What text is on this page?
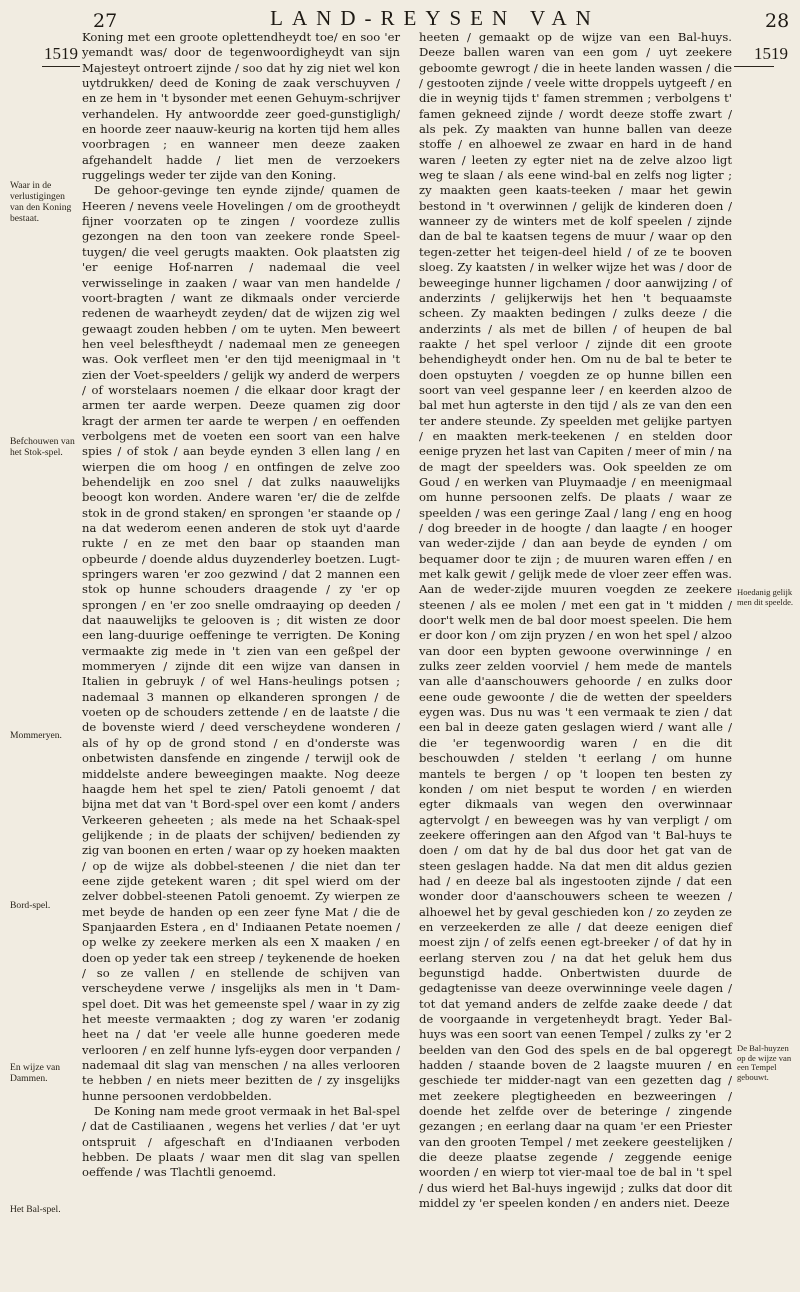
27	LAND-REYSEN VAN	28
1519	1519

Koning met een groote oplettendheydt toe/ en soo 'er yemandt was/ door de tegenwoordigheydt van sijn Majesteyt ontroert zijnde / soo dat hy zig niet wel kon uytdrukken/ deed de Koning de zaak verschuyven / en ze hem in 't bysonder met eenen Gehuym-schrijver verhandelen. Hy antwoordde zeer goed-gunstigligh/ en hoorde zeer naauw-keurig na korten tijd hem alles voorbragen ; en wanneer men deeze zaaken afgehandelt hadde / liet men de verzoekers ruggelings weder ter zijde van den Koning.

De gehoor-gevinge ten eynde zijnde/ quamen de Heeren / nevens veele Hovelingen / om de grootheydt fijner voorzaten op te zingen / voordeze zullis gezongen na den toon van zeekere ronde Speel-tuygen/ die veel gerugts maakten. Ook plaatsten zig 'er eenige Hof-narren / nademaal die veel verwisselinge in zaaken / waar van men handelde / voort-bragten / want ze dikmaals onder vercierde redenen de waarheydt zeyden/ dat de wijzen zig wel gewaagt zouden hebben / om te uyten. Men beweert hen veel belesftheydt / nademaal men ze geneegen was. Ook verfleet men 'er den tijd meenigmaal in 't zien der Voet-speelders / gelijk wy anderd de werpers / of worstelaars noemen / die elkaar door kragt der armen ter aarde werpen. Deeze quamen zig door kragt der armen ter aarde te werpen / en oeffenden verbolgens met de voeten een soort van een halve spies / of stok / aan beyde eynden 3 ellen lang / en wierpen die om hoog / en ontfingen de zelve zoo behendelijk en zoo snel / dat zulks naauwelijks beoogt kon worden. Andere waren 'er/ die de zelfde stok in de grond staken/ en sprongen 'er staande op / na dat wederom eenen anderen de stok uyt d'aarde rukte / en ze met den baar op staanden man opbeurde / doende aldus duyzenderley boetzen. Lugt-springers waren 'er zoo gezwind / dat 2 mannen een stok op hunne schouders draagende / zy 'er op sprongen / en 'er zoo snelle omdraaying op deeden / dat naauwelijks te gelooven is ; dit wisten ze door een lang-duurige oeffeninge te verrigten. De Koning vermaakte zig mede in 't zien van een geßpel der mommeryen / zijnde dit een wijze van dansen in Italien in gebruyk / of wel Hans-heulings potsen ; nademaal 3 mannen op elkanderen sprongen / de voeten op de schouders zettende / en de laatste / die de bovenste wierd / deed verscheydene wonderen / als of hy op de grond stond / en d'onderste was onbetwisten dansfende en zingende / terwijl ook de middelste andere beweegingen maakte. Nog deeze haagde hem het spel te zien/ Patoli genoemt / dat bijna met dat van 't Bord-spel over een komt / anders Verkeeren geheeten ; als mede na het Schaak-spel gelijkende ; in de plaats der schijven/ bedienden zy zig van boonen en erten / waar op zy hoeken maakten / op de wijze als dobbel-steenen / die niet dan ter eene zijde getekent waren ; dit spel wierd om der zelver dobbel-steenen Patoli genoemt. Zy wierpen ze met beyde de handen op een zeer fyne Mat / die de Spanjaarden Estera , en d' Indiaanen Petate noemen / op welke zy zeekere merken als een X maaken / en doen op yeder tak een streep / teykenende de hoeken / so ze vallen / en stellende de schijven van verscheydene verwe / insgelijks als men in 't Dam-spel doet. Dit was het gemeenste spel / waar in zy zig het meeste vermaakten ; dog zy waren 'er zodanig heet na / dat 'er veele alle hunne goederen mede verlooren / en zelf hunne lyfs-eygen door verpanden / nademaal dit slag van menschen / na alles verlooren te hebben / en niets meer bezitten de / zy insgelijks hunne persoonen verdobbelden.

De Koning nam mede groot vermaak in het Bal-spel / dat de Castiliaanen , wegens het verlies / dat 'er uyt ontspruit / afgeschaft en d'Indiaanen verboden hebben. De plaats / waar men dit slag van spellen oeffende / was Tlachtli genoemd.

heeten / gemaakt op de wijze van een Bal-huys. Deeze ballen waren van een gom / uyt zeekere geboomte gewrogt / die in heete landen wassen / die / gestooten zijnde / veele witte droppels uytgeeft / en die in weynig tijds t' famen stremmen ; verbolgens t' famen gekneed zijnde / wordt deeze stoffe zwart / als pek. Zy maakten van hunne ballen van deeze stoffe / en alhoewel ze zwaar en hard in de hand waren / leeten zy egter niet na de zelve alzoo ligt weg te slaan / als eene wind-bal en zelfs nog ligter ; zy maakten geen kaats-teeken / maar het gewin bestond in 't overwinnen / gelijk de kinderen doen / wanneer zy de winters met de kolf speelen / zijnde dan de bal te kaatsen tegens de muur / waar op den tegen-zetter het teigen-deel hield / of ze te booven sloeg. Zy kaatsten / in welker wijze het was / door de beweeginge hunner ligchamen / door aanwijzing / of anderzints / gelijkerwijs het hen 't bequaamste scheen. Zy maakten bedingen / zulks deeze / die anderzints / als met de billen / of heupen de bal raakte / het spel verloor / zijnde dit een groote behendigheydt onder hen. Om nu de bal te beter te doen opstuyten / voegden ze op hunne billen een soort van veel gespanne leer / en keerden alzoo de bal met hun agterste in den tijd / als ze van den een ter andere steunde. Zy speelden met gelijke partyen / en maakten merk-teekenen / en stelden door eenige pryzen het last van Capiten / meer of min / na de magt der speelders was. Ook speelden ze om Goud / en werken van Pluymaadje / en meenigmaal om hunne persoonen zelfs. De plaats / waar ze speelden / was een geringe Zaal / lang / eng en hoog / dog breeder in de hoogte / dan laagte / en hooger van weder-zijde / dan aan beyde de eynden / om bequamer door te zijn ; de muuren waren effen / en met kalk gewit / gelijk mede de vloer zeer effen was. Aan de weder-zijde muuren voegden ze zeekere steenen / als ee molen / met een gat in 't midden / door't welk men de bal door moest speelen. Die hem er door kon / om zijn pryzen / en won het spel / alzoo van door een bypten gewoone overwinninge / en zulks zeer zelden voorviel / hem mede de mantels van alle d'aanschouwers gehoorde / en zulks door eene oude gewoonte / die de wetten der speelders eygen was. Dus nu was 't een vermaak te zien / dat een bal in deeze gaten geslagen wierd / want alle / die 'er tegenwoordig waren / en die dit beschouwden / stelden 't eerlang / om hunne mantels te bergen / op 't loopen ten besten zy konden / om niet besput te worden / en wierden egter dikmaals van wegen den overwinnaar agtervolgt / en beweegen was hy van verpligt / om zeekere offeringen aan den Afgod van 't Bal-huys te doen / om dat hy de bal dus door het gat van de steen geslagen hadde. Na dat men dit aldus gezien had / en deeze bal als ingestooten zijnde / dat een wonder door d'aanschouwers scheen te weezen / alhoewel het by geval geschieden kon / zo zeyden ze en verzeekerden ze alle / dat deeze eenigen dief moest zijn / of zelfs eenen egt-breeker / of dat hy in eerlang sterven zou / na dat het geluk hem dus begunstigd hadde. Onbertwisten duurde de gedagtenisse van deeze overwinninge veele dagen / tot dat yemand anders de zelfde zaake deede / dat de voorgaande in vergetenheydt bragt. Yeder Bal-huys was een soort van eenen Tempel / zulks zy 'er 2 beelden van den God des spels en de bal opgeregt hadden / staande boven de 2 laagste muuren / en geschiede ter midder-nagt van een gezetten dag / met zeekere plegtigheeden en bezweeringen / doende het zelfde over de beteringe / zingende gezangen ; en eerlang daar na quam 'er een Priester van den grooten Tempel / met zeekere geestelijken / die deeze plaatse zegende / zeggende eenige woorden / en wierp tot vier-maal toe de bal in 't spel / dus wierd het Bal-huys ingewijd ; zulks dat door dit middel zy 'er speelen konden / en anders niet. Deeze

Waar in de verlustigingen van den Koning bestaat.
Befchouwen van het Stok-spel.
Mommeryen.
Bord-spel.
En wijze van Dammen.
Het Bal-spel.
Hoedanig gelijk men dit speelde.
De Bal-huyzen op de wijze van een Tempel gebouwt.
